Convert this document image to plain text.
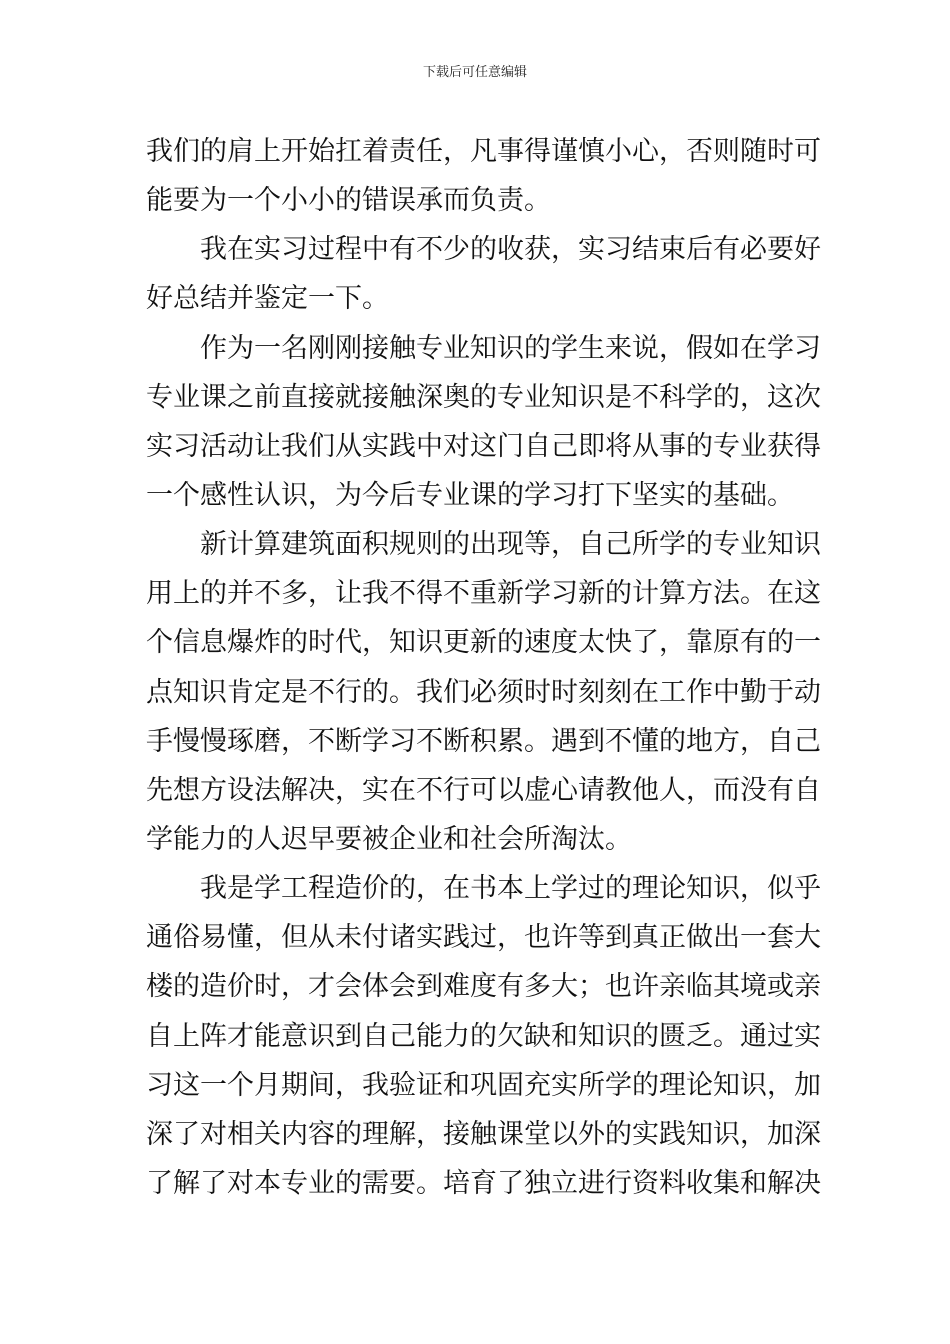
下载后可任意编辑
我们的肩上开始扛着责任，凡事得谨慎小心，否则随时可
能要为一个小小的错误承而负责。
我在实习过程中有不少的收获，实习结束后有必要好
好总结并鉴定一下。
作为一名刚刚接触专业知识的学生来说，假如在学习
专业课之前直接就接触深奥的专业知识是不科学的，这次
实习活动让我们从实践中对这门自己即将从事的专业获得
一个感性认识，为今后专业课的学习打下坚实的基础。
新计算建筑面积规则的出现等，自己所学的专业知识
用上的并不多，让我不得不重新学习新的计算方法。在这
个信息爆炸的时代，知识更新的速度太快了，靠原有的一
点知识肯定是不行的。我们必须时时刻刻在工作中勤于动
手慢慢琢磨，不断学习不断积累。遇到不懂的地方，自己
先想方设法解决，实在不行可以虚心请教他人，而没有自
学能力的人迟早要被企业和社会所淘汰。
我是学工程造价的，在书本上学过的理论知识，似乎
通俗易懂，但从未付诸实践过，也许等到真正做出一套大
楼的造价时，才会体会到难度有多大；也许亲临其境或亲
自上阵才能意识到自己能力的欠缺和知识的匮乏。通过实
习这一个月期间，我验证和巩固充实所学的理论知识，加
深了对相关内容的理解，接触课堂以外的实践知识，加深
了解了对本专业的需要。培育了独立进行资料收集和解决
